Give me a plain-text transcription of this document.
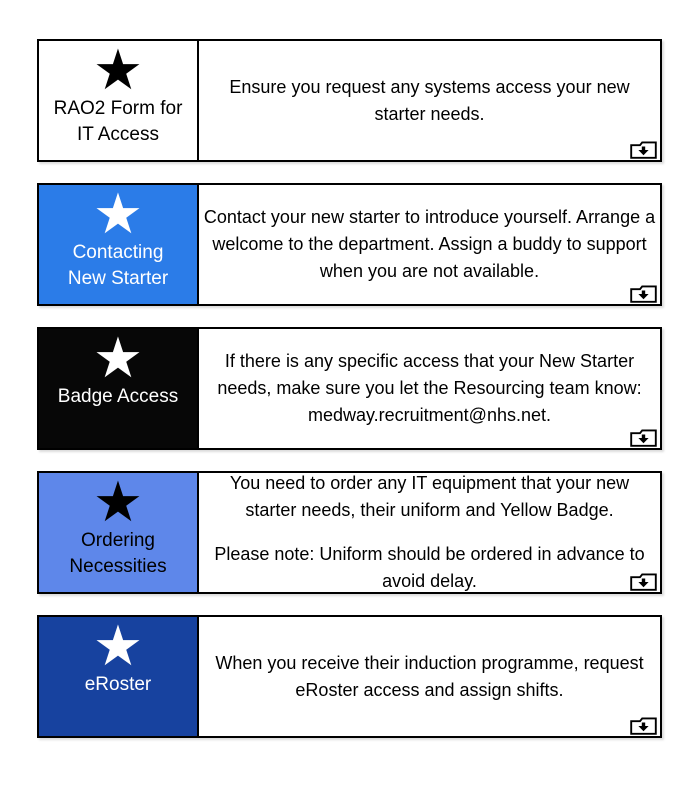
★
RAO2 Form for
IT Access

Ensure you request any systems access your new starter needs.

★
Contacting
New Starter

Contact your new starter to introduce yourself. Arrange a welcome to the department. Assign a buddy to support when you are not available.

★
Badge Access

If there is any specific access that your New Starter needs, make sure you let the Resourcing team know: medway.recruitment@nhs.net.

★
Ordering
Necessities

You need to order any IT equipment that your new starter needs, their uniform and Yellow Badge.

Please note: Uniform should be ordered in advance to avoid delay.

★
eRoster

When you receive their induction programme, request eRoster access and assign shifts.
